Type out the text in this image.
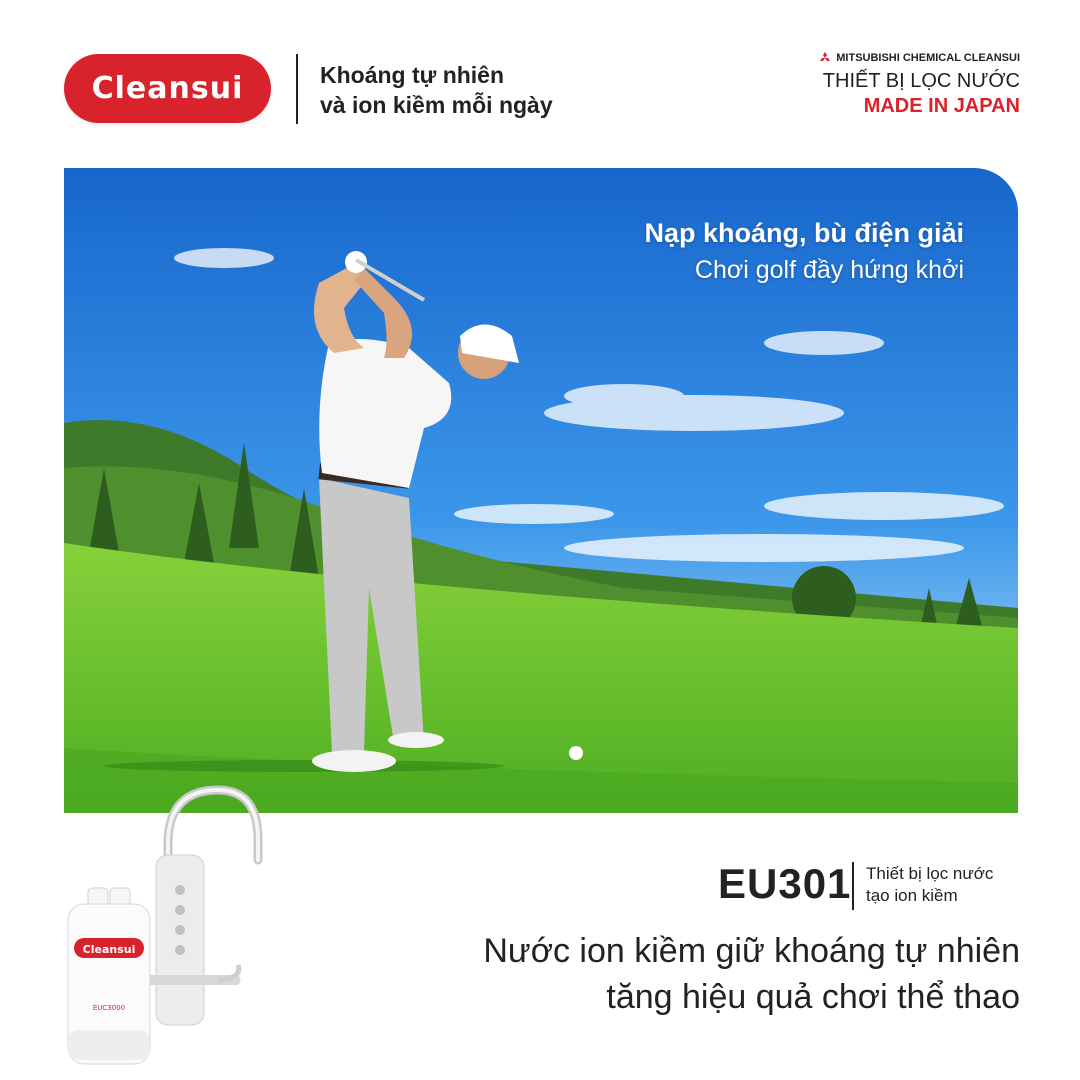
Cleansui	Khoáng tự nhiên
và ion kiềm mỗi ngày
MITSUBISHI CHEMICAL CLEANSUI
THIẾT BỊ LỌC NƯỚC
MADE IN JAPAN
Nạp khoáng, bù điện giải
Chơi golf đầy hứng khởi
Cleansui
EUC3000
EU301 Thiết bị lọc nước
tạo ion kiềm
Nước ion kiềm giữ khoáng tự nhiên
tăng hiệu quả chơi thể thao
